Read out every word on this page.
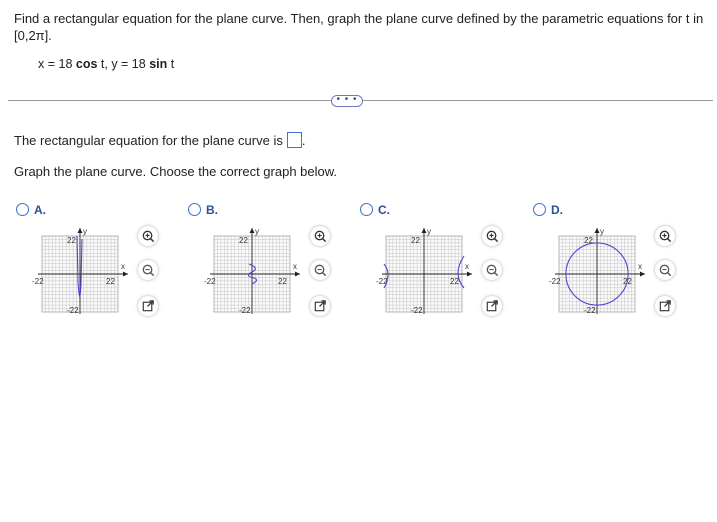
Find a rectangular equation for the plane curve. Then, graph the plane curve defined by the parametric equations for t in [0,2π].
x = 18 cos t, y = 18 sin t
• • •
The rectangular equation for the plane curve is .
Graph the plane curve. Choose the correct graph below.
A.
y
x
22
-22
-22	22
B.
y
x
22
-22
-22	22
C.
y
x
22
-22
-22	22
D.
y
x
22
-22
-22	22
